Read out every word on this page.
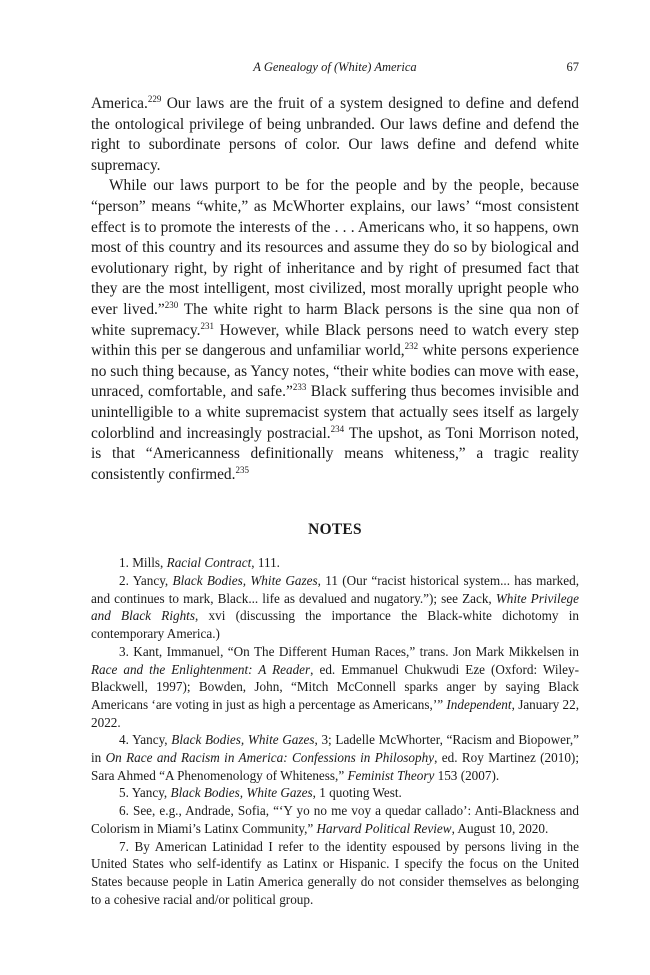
A Genealogy of (White) America	67

America.$^{229}$ Our laws are the fruit of a system designed to define and defend the ontological privilege of being unbranded. Our laws define and defend the right to subordinate persons of color. Our laws define and defend white supremacy.

While our laws purport to be for the people and by the people, because “person” means “white,” as McWhorter explains, our laws’ “most consistent effect is to promote the interests of the . . . Americans who, it so happens, own most of this country and its resources and assume they do so by biological and evolutionary right, by right of inheritance and by right of presumed fact that they are the most intelligent, most civilized, most morally upright people who ever lived.”$^{230}$ The white right to harm Black persons is the sine qua non of white supremacy.$^{231}$ However, while Black persons need to watch every step within this per se dangerous and unfamiliar world,$^{232}$ white persons experience no such thing because, as Yancy notes, “their white bodies can move with ease, unraced, comfortable, and safe.”$^{233}$ Black suffering thus becomes invisible and unintelligible to a white supremacist system that actually sees itself as largely colorblind and increasingly postracial.$^{234}$ The upshot, as Toni Morrison noted, is that “Americanness definitionally means whiteness,” a tragic reality consistently confirmed.$^{235}$

NOTES

1. Mills, Racial Contract, 111.

2. Yancy, Black Bodies, White Gazes, 11 (Our “racist historical system... has marked, and continues to mark, Black... life as devalued and nugatory.”); see Zack, White Privilege and Black Rights, xvi (discussing the importance the Black-white dichotomy in contemporary America.)

3. Kant, Immanuel, “On The Different Human Races,” trans. Jon Mark Mikkelsen in Race and the Enlightenment: A Reader, ed. Emmanuel Chukwudi Eze (Oxford: Wiley-Blackwell, 1997); Bowden, John, “Mitch McConnell sparks anger by saying Black Americans ‘are voting in just as high a percentage as Americans,’” Independent, January 22, 2022.

4. Yancy, Black Bodies, White Gazes, 3; Ladelle McWhorter, “Racism and Biopower,” in On Race and Racism in America: Confessions in Philosophy, ed. Roy Martinez (2010); Sara Ahmed “A Phenomenology of Whiteness,” Feminist Theory 153 (2007).

5. Yancy, Black Bodies, White Gazes, 1 quoting West.

6. See, e.g., Andrade, Sofia, “‘Y yo no me voy a quedar callado’: Anti-Blackness and Colorism in Miami’s Latinx Community,” Harvard Political Review, August 10, 2020.

7. By American Latinidad I refer to the identity espoused by persons living in the United States who self-identify as Latinx or Hispanic. I specify the focus on the United States because people in Latin America generally do not consider themselves as belonging to a cohesive racial and/or political group.
